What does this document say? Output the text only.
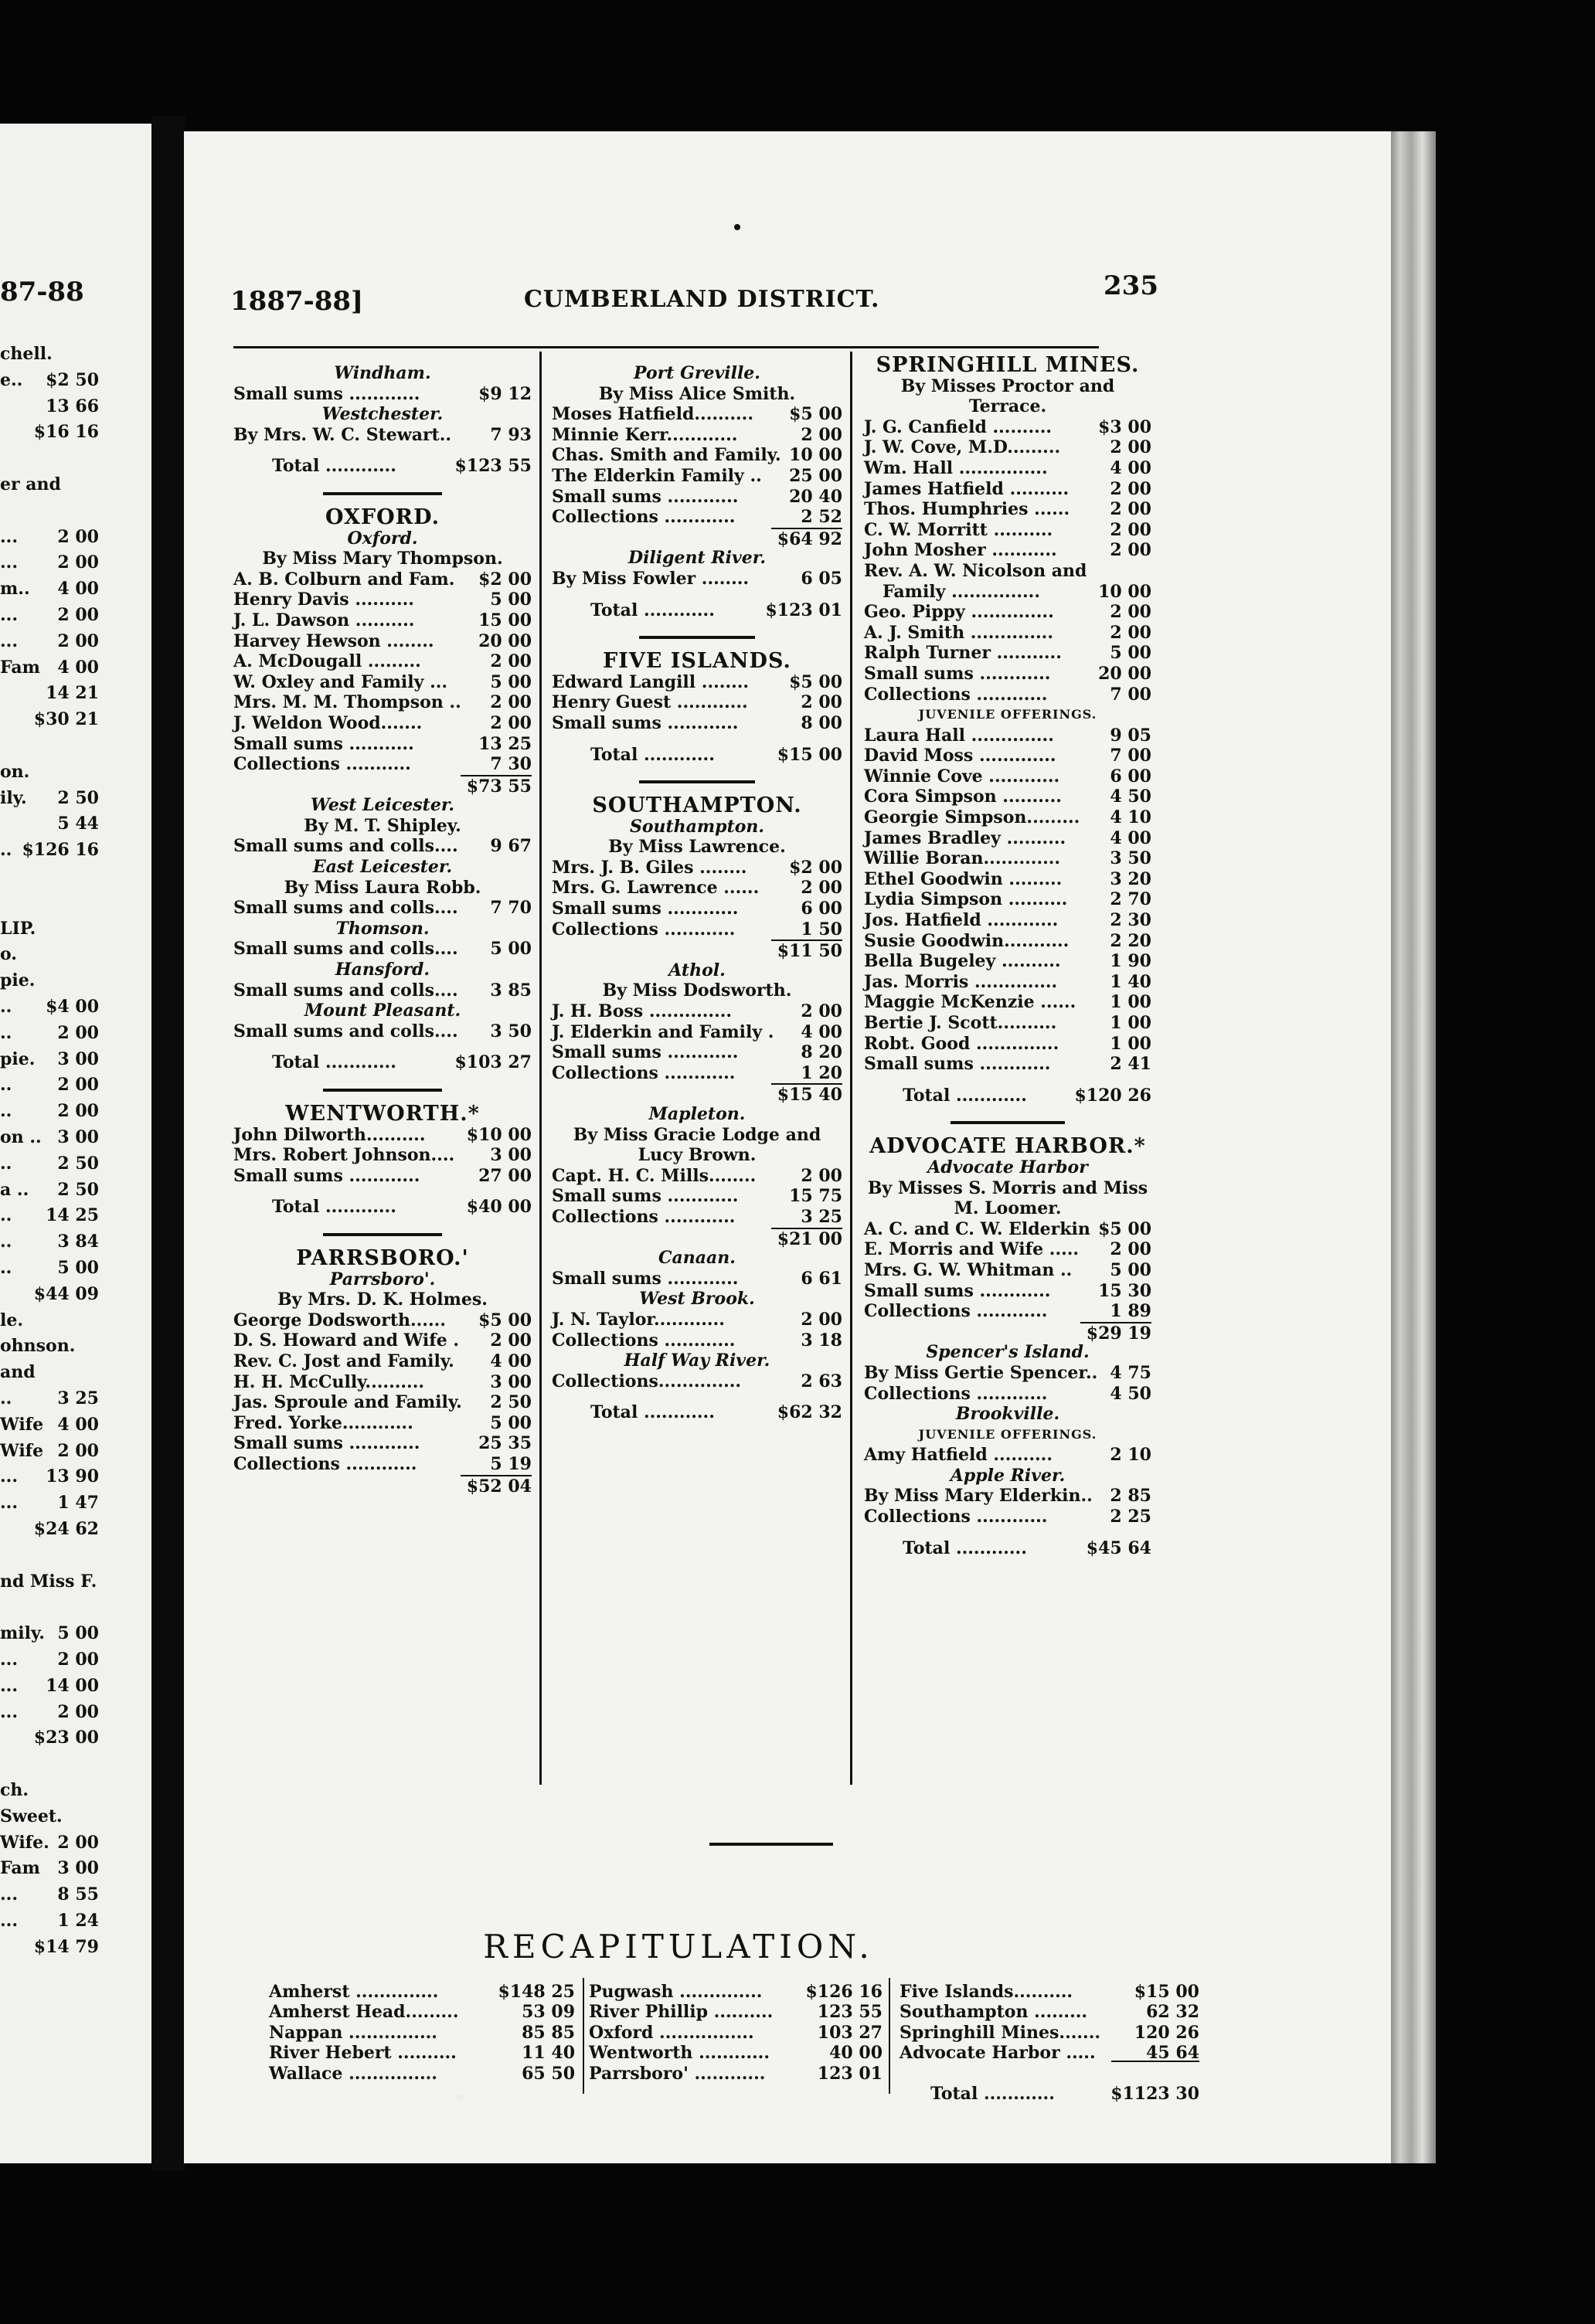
87-88
chell.
e.. $2 50
13 66
$16 16
er and
... 2 00
... 2 00
m.. 4 00
... 2 00
... 2 00
Fam 4 00
14 21
$30 21
on.
ily. 2 50
5 44
.. $126 16
LIP.
o.
pie.
.. $4 00
..	2 00
pie. 3 00
..	2 00
..	2 00
on .. 3 00
..	2 50
a .. 2 50
.. 14 25
..	3 84
..	5 00
$44 09
le.
ohnson.
and
..	3 25
Wife 4 00
Wife 2 00
... 13 90
... 1 47
$24 62
nd Miss F.
mily. 5 00
... 2 00
... 14 00
... 2 00
$23 00
ch.
Sweet.
Wife. 2 00
Fam 3 00
... 8 55
... 1 24
$14 79
1887-88]	CUMBERLAND DISTRICT.	235
Windham.
Small sums ............	$9 12
Westchester.
By Mrs. W. C. Stewart.. 7 93
Total ............	$123 55
OXFORD.
Oxford.
By Miss Mary Thompson.
A. B. Colburn and Fam. $2 00
Henry Davis ..........	5 00
J. L. Dawson ..........	15 00
Harvey Hewson ........	20 00
A. McDougall .........	2 00
W. Oxley and Family ...	5 00
Mrs. M. M. Thompson .. 2 00
J. Weldon Wood.......	2 00
Small sums ...........	13 25
Collections ...........	7 30
$73 55
West Leicester.
By M. T. Shipley.
Small sums and colls.... 9 67
East Leicester.
By Miss Laura Robb.
Small sums and colls.... 7 70
Thomson.
Small sums and colls.... 5 00
Hansford.
Small sums and colls.... 3 85
Mount Pleasant.
Small sums and colls.... 3 50
Total ............	$103 27
WENTWORTH.*
John Dilworth.......... $10 00
Mrs. Robert Johnson.... 3 00
Small sums ............	27 00
Total ............	$40 00
PARRSBORO.'
Parrsboro'.
By Mrs. D. K. Holmes.
George Dodsworth...... $5 00
D. S. Howard and Wife . 2 00
Rev. C. Jost and Family. 4 00
H. H. McCully..........	3 00
Jas. Sproule and Family. 2 50
Fred. Yorke............	5 00
Small sums ............	25 35
Collections ............	5 19
$52 04
Port Greville.
By Miss Alice Smith.
Moses Hatfield.......... $5 00
Minnie Kerr............	2 00
Chas. Smith and Family. 10 00
The Elderkin Family .. 25 00
Small sums ............	20 40
Collections ............	2 52
$64 92
Diligent River.
By Miss Fowler ........	6 05
Total ............	$123 01
FIVE ISLANDS.
Edward Langill ........ $5 00
Henry Guest ............	2 00
Small sums ............	8 00
Total ............	$15 00
SOUTHAMPTON.
Southampton.
By Miss Lawrence.
Mrs. J. B. Giles ........ $2 00
Mrs. G. Lawrence ...... 2 00
Small sums ............	6 00
Collections ............	1 50
$11 50
Athol.
By Miss Dodsworth.
J. H. Boss ..............	2 00
J. Elderkin and Family . 4 00
Small sums ............	8 20
Collections ............	1 20
$15 40
Mapleton.
By Miss Gracie Lodge and
Lucy Brown.
Capt. H. C. Mills........	2 00
Small sums ............	15 75
Collections ............	3 25
$21 00
Canaan.
Small sums ............	6 61
West Brook.
J. N. Taylor............	2 00
Collections ............	3 18
Half Way River.
Collections..............	2 63
Total ............	$62 32
SPRINGHILL MINES.
By Misses Proctor and
Terrace.
J. G. Canfield ..........	$3 00
J. W. Cove, M.D.........	2 00
Wm. Hall ...............	4 00
James Hatfield .......... 2 00
Thos. Humphries ...... 2 00
C. W. Morritt ..........	2 00
John Mosher ...........	2 00
Rev. A. W. Nicolson and
Family ...............	10 00
Geo. Pippy ..............	2 00
A. J. Smith ..............	2 00
Ralph Turner ...........	5 00
Small sums ............	20 00
Collections ............	7 00
JUVENILE OFFERINGS.
Laura Hall ..............	9 05
David Moss .............	7 00
Winnie Cove ............	6 00
Cora Simpson ..........	4 50
Georgie Simpson......... 4 10
James Bradley ..........	4 00
Willie Boran.............	3 50
Ethel Goodwin .........	3 20
Lydia Simpson ..........	2 70
Jos. Hatfield ............	2 30
Susie Goodwin........... 2 20
Bella Bugeley ..........	1 90
Jas. Morris ..............	1 40
Maggie McKenzie ...... 1 00
Bertie J. Scott..........	1 00
Robt. Good ..............	1 00
Small sums ............	2 41
Total ............	$120 26
ADVOCATE HARBOR.*
Advocate Harbor
By Misses S. Morris and Miss
M. Loomer.
A. C. and C. W. Elderkin $5 00
E. Morris and Wife ..... 2 00
Mrs. G. W. Whitman .. 5 00
Small sums ............	15 30
Collections ............	1 89
$29 19
Spencer's Island.
By Miss Gertie Spencer.. 4 75
Collections ............	4 50
Brookville.
JUVENILE OFFERINGS.
Amy Hatfield ..........	2 10
Apple River.
By Miss Mary Elderkin.. 2 85
Collections ............	2 25
Total ............	$45 64
RECAPITULATION.
Amherst ..............	$148 25
Amherst Head.........	53 09
Nappan ...............	85 85
River Hebert ..........	11 40
Wallace ...............	65 50
Pugwash ..............	$126 16
River Phillip ..........	123 55
Oxford ................	103 27
Wentworth ............	40 00
Parrsboro' ............	123 01
Five Islands..........	$15 00
Southampton .........	62 32
Springhill Mines....... 120 26
Advocate Harbor .....	45 64
Total ............	$1123 30
